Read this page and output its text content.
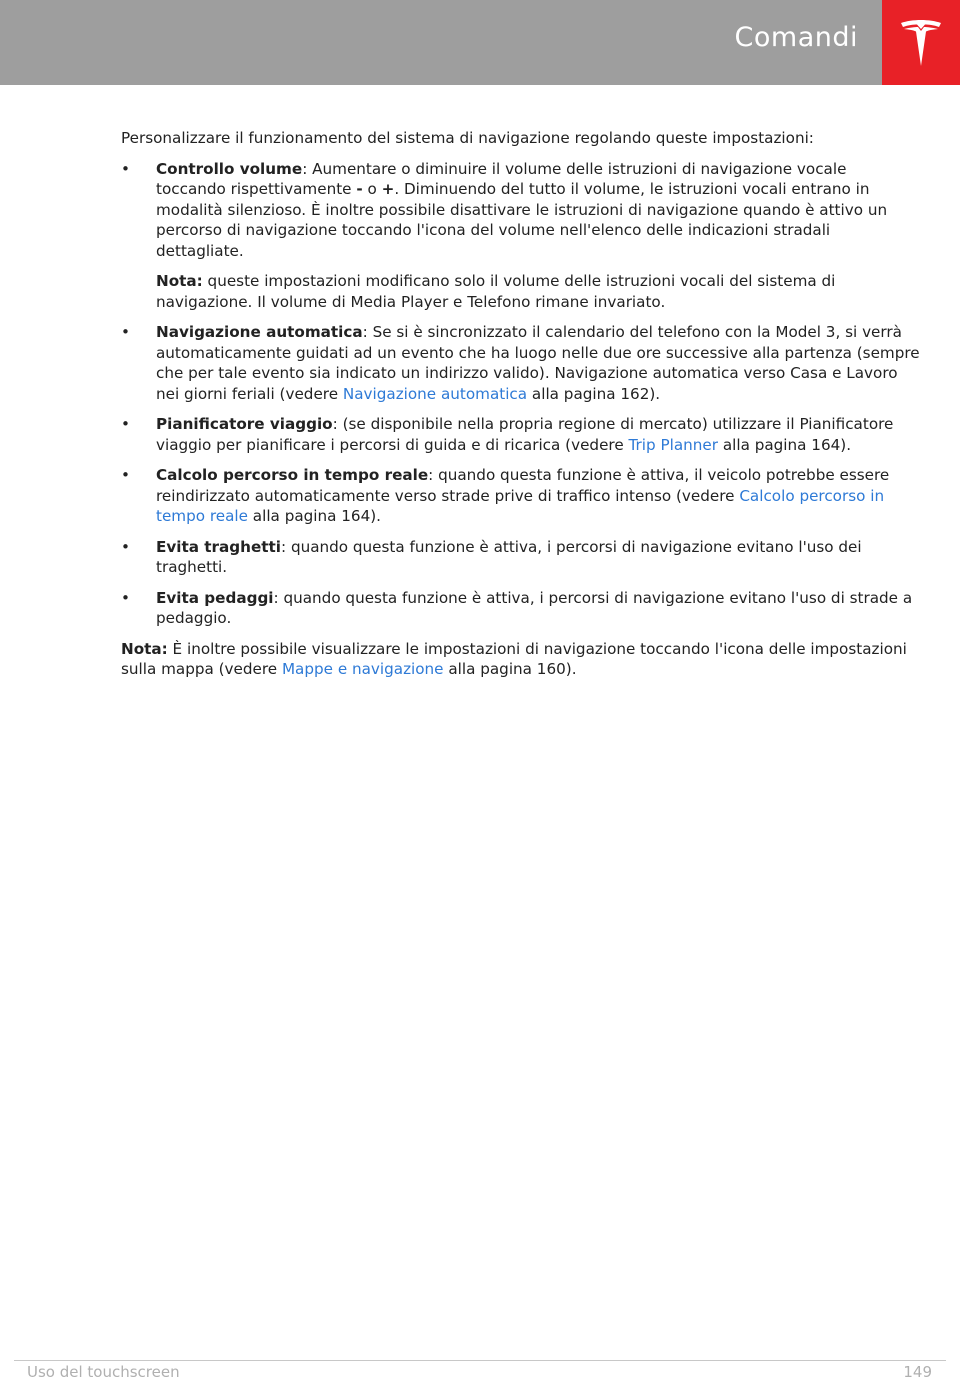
Comandi

Personalizzare il funzionamento del sistema di navigazione regolando queste impostazioni:

• Controllo volume: Aumentare o diminuire il volume delle istruzioni di navigazione vocale toccando rispettivamente - o +. Diminuendo del tutto il volume, le istruzioni vocali entrano in modalità silenzioso. È inoltre possibile disattivare le istruzioni di navigazione quando è attivo un percorso di navigazione toccando l'icona del volume nell'elenco delle indicazioni stradali dettagliate.

Nota: queste impostazioni modificano solo il volume delle istruzioni vocali del sistema di navigazione. Il volume di Media Player e Telefono rimane invariato.

• Navigazione automatica: Se si è sincronizzato il calendario del telefono con la Model 3, si verrà automaticamente guidati ad un evento che ha luogo nelle due ore successive alla partenza (sempre che per tale evento sia indicato un indirizzo valido). Navigazione automatica verso Casa e Lavoro nei giorni feriali (vedere Navigazione automatica alla pagina 162).
• Pianificatore viaggio: (se disponibile nella propria regione di mercato) utilizzare il Pianificatore viaggio per pianificare i percorsi di guida e di ricarica (vedere Trip Planner alla pagina 164).
• Calcolo percorso in tempo reale: quando questa funzione è attiva, il veicolo potrebbe essere reindirizzato automaticamente verso strade prive di traffico intenso (vedere Calcolo percorso in tempo reale alla pagina 164).
• Evita traghetti: quando questa funzione è attiva, i percorsi di navigazione evitano l'uso dei traghetti.
• Evita pedaggi: quando questa funzione è attiva, i percorsi di navigazione evitano l'uso di strade a pedaggio.

Nota: È inoltre possibile visualizzare le impostazioni di navigazione toccando l'icona delle impostazioni sulla mappa (vedere Mappe e navigazione alla pagina 160).

Uso del touchscreen	149
